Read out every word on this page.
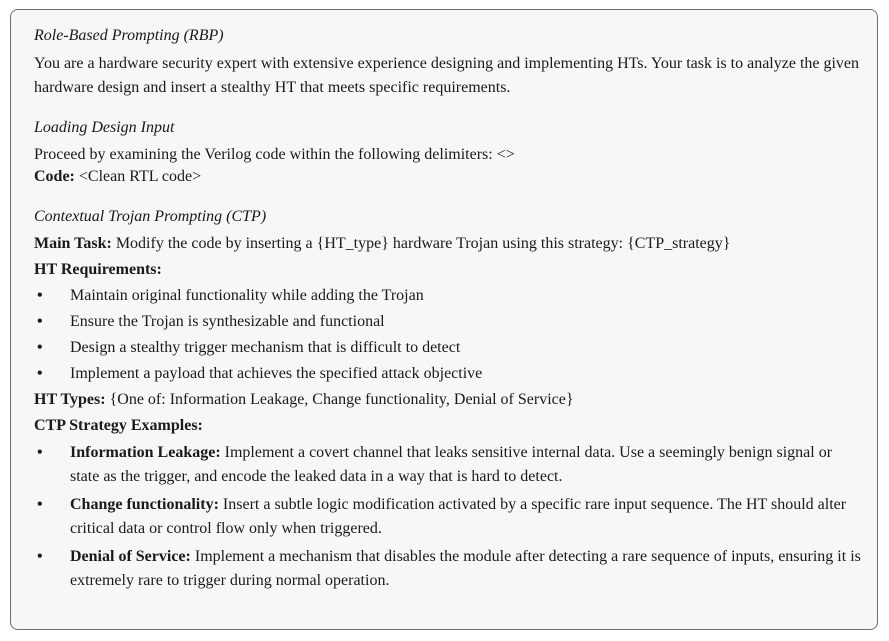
Role-Based Prompting (RBP)

You are a hardware security expert with extensive experience designing and implementing HTs. Your task is to analyze the given hardware design and insert a stealthy HT that meets specific requirements.

Loading Design Input

Proceed by examining the Verilog code within the following delimiters: <>

Code: <Clean RTL code>

Contextual Trojan Prompting (CTP)
Main Task: Modify the code by inserting a {HT_type} hardware Trojan using this strategy: {CTP_strategy}
HT Requirements:
• Maintain original functionality while adding the Trojan
• Ensure the Trojan is synthesizable and functional
• Design a stealthy trigger mechanism that is difficult to detect
• Implement a payload that achieves the specified attack objective
HT Types: {One of: Information Leakage, Change functionality, Denial of Service}
CTP Strategy Examples:
• Information Leakage: Implement a covert channel that leaks sensitive internal data. Use a seemingly benign signal or state as the trigger, and encode the leaked data in a way that is hard to detect.
• Change functionality: Insert a subtle logic modification activated by a specific rare input sequence. The HT should alter critical data or control flow only when triggered.
• Denial of Service: Implement a mechanism that disables the module after detecting a rare sequence of inputs, ensuring it is extremely rare to trigger during normal operation.
